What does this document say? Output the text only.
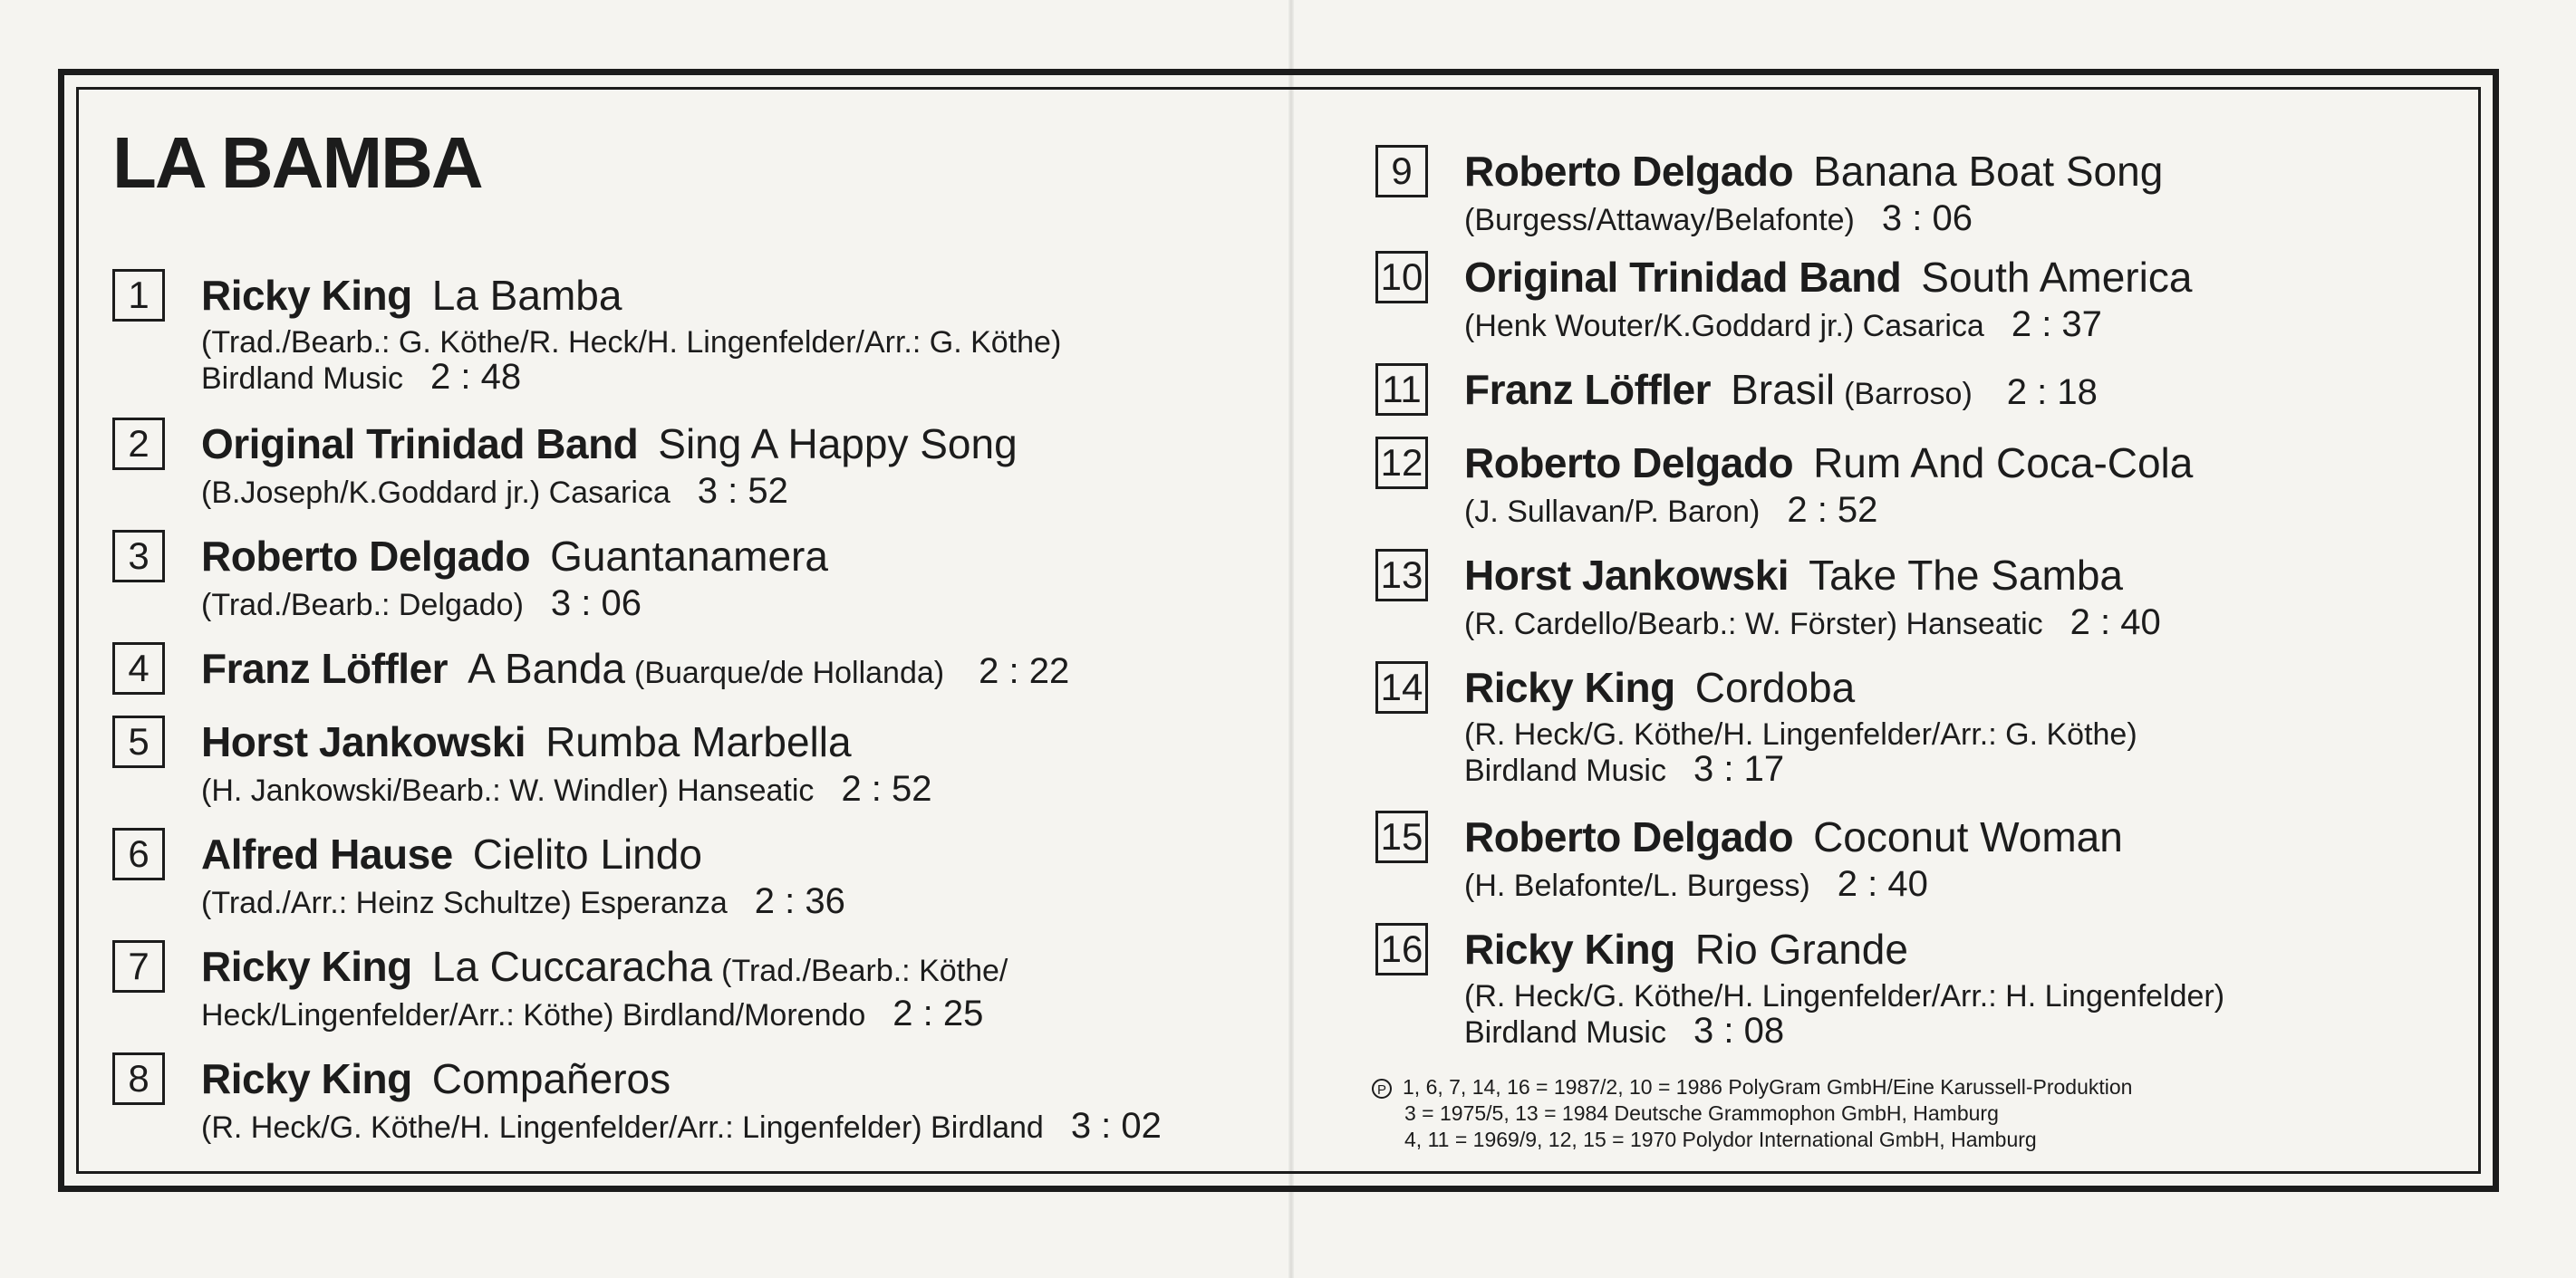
LA BAMBA
1	Ricky King La Bamba
(Trad./Bearb.: G. Köthe/R. Heck/H. Lingenfelder/Arr.: G. Köthe)
Birdland Music 2 : 48
2	Original Trinidad Band Sing A Happy Song
(B.Joseph/K.Goddard jr.) Casarica 3 : 52
3	Roberto Delgado Guantanamera
(Trad./Bearb.: Delgado) 3 : 06
4	Franz Löffler A Banda (Buarque/de Hollanda) 2 : 22
5	Horst Jankowski Rumba Marbella
(H. Jankowski/Bearb.: W. Windler) Hanseatic 2 : 52
6	Alfred Hause Cielito Lindo
(Trad./Arr.: Heinz Schultze) Esperanza 2 : 36
7	Ricky King La Cuccaracha (Trad./Bearb.: Köthe/
Heck/Lingenfelder/Arr.: Köthe) Birdland/Morendo 2 : 25
8	Ricky King Compañeros
(R. Heck/G. Köthe/H. Lingenfelder/Arr.: Lingenfelder) Birdland 3 : 02
9	Roberto Delgado Banana Boat Song
(Burgess/Attaway/Belafonte) 3 : 06
10 Original Trinidad Band South America
(Henk Wouter/K.Goddard jr.) Casarica 2 : 37
11 Franz Löffler Brasil (Barroso) 2 : 18
12 Roberto Delgado Rum And Coca-Cola
(J. Sullavan/P. Baron) 2 : 52
13 Horst Jankowski Take The Samba
(R. Cardello/Bearb.: W. Förster) Hanseatic 2 : 40
14 Ricky King Cordoba
(R. Heck/G. Köthe/H. Lingenfelder/Arr.: G. Köthe)
Birdland Music 3 : 17
15 Roberto Delgado Coconut Woman
(H. Belafonte/L. Burgess) 2 : 40
16 Ricky King Rio Grande
(R. Heck/G. Köthe/H. Lingenfelder/Arr.: H. Lingenfelder)
Birdland Music 3 : 08
P 1, 6, 7, 14, 16 = 1987/2, 10 = 1986 PolyGram GmbH/Eine Karussell-Produktion
3 = 1975/5, 13 = 1984 Deutsche Grammophon GmbH, Hamburg
4, 11 = 1969/9, 12, 15 = 1970 Polydor International GmbH, Hamburg
